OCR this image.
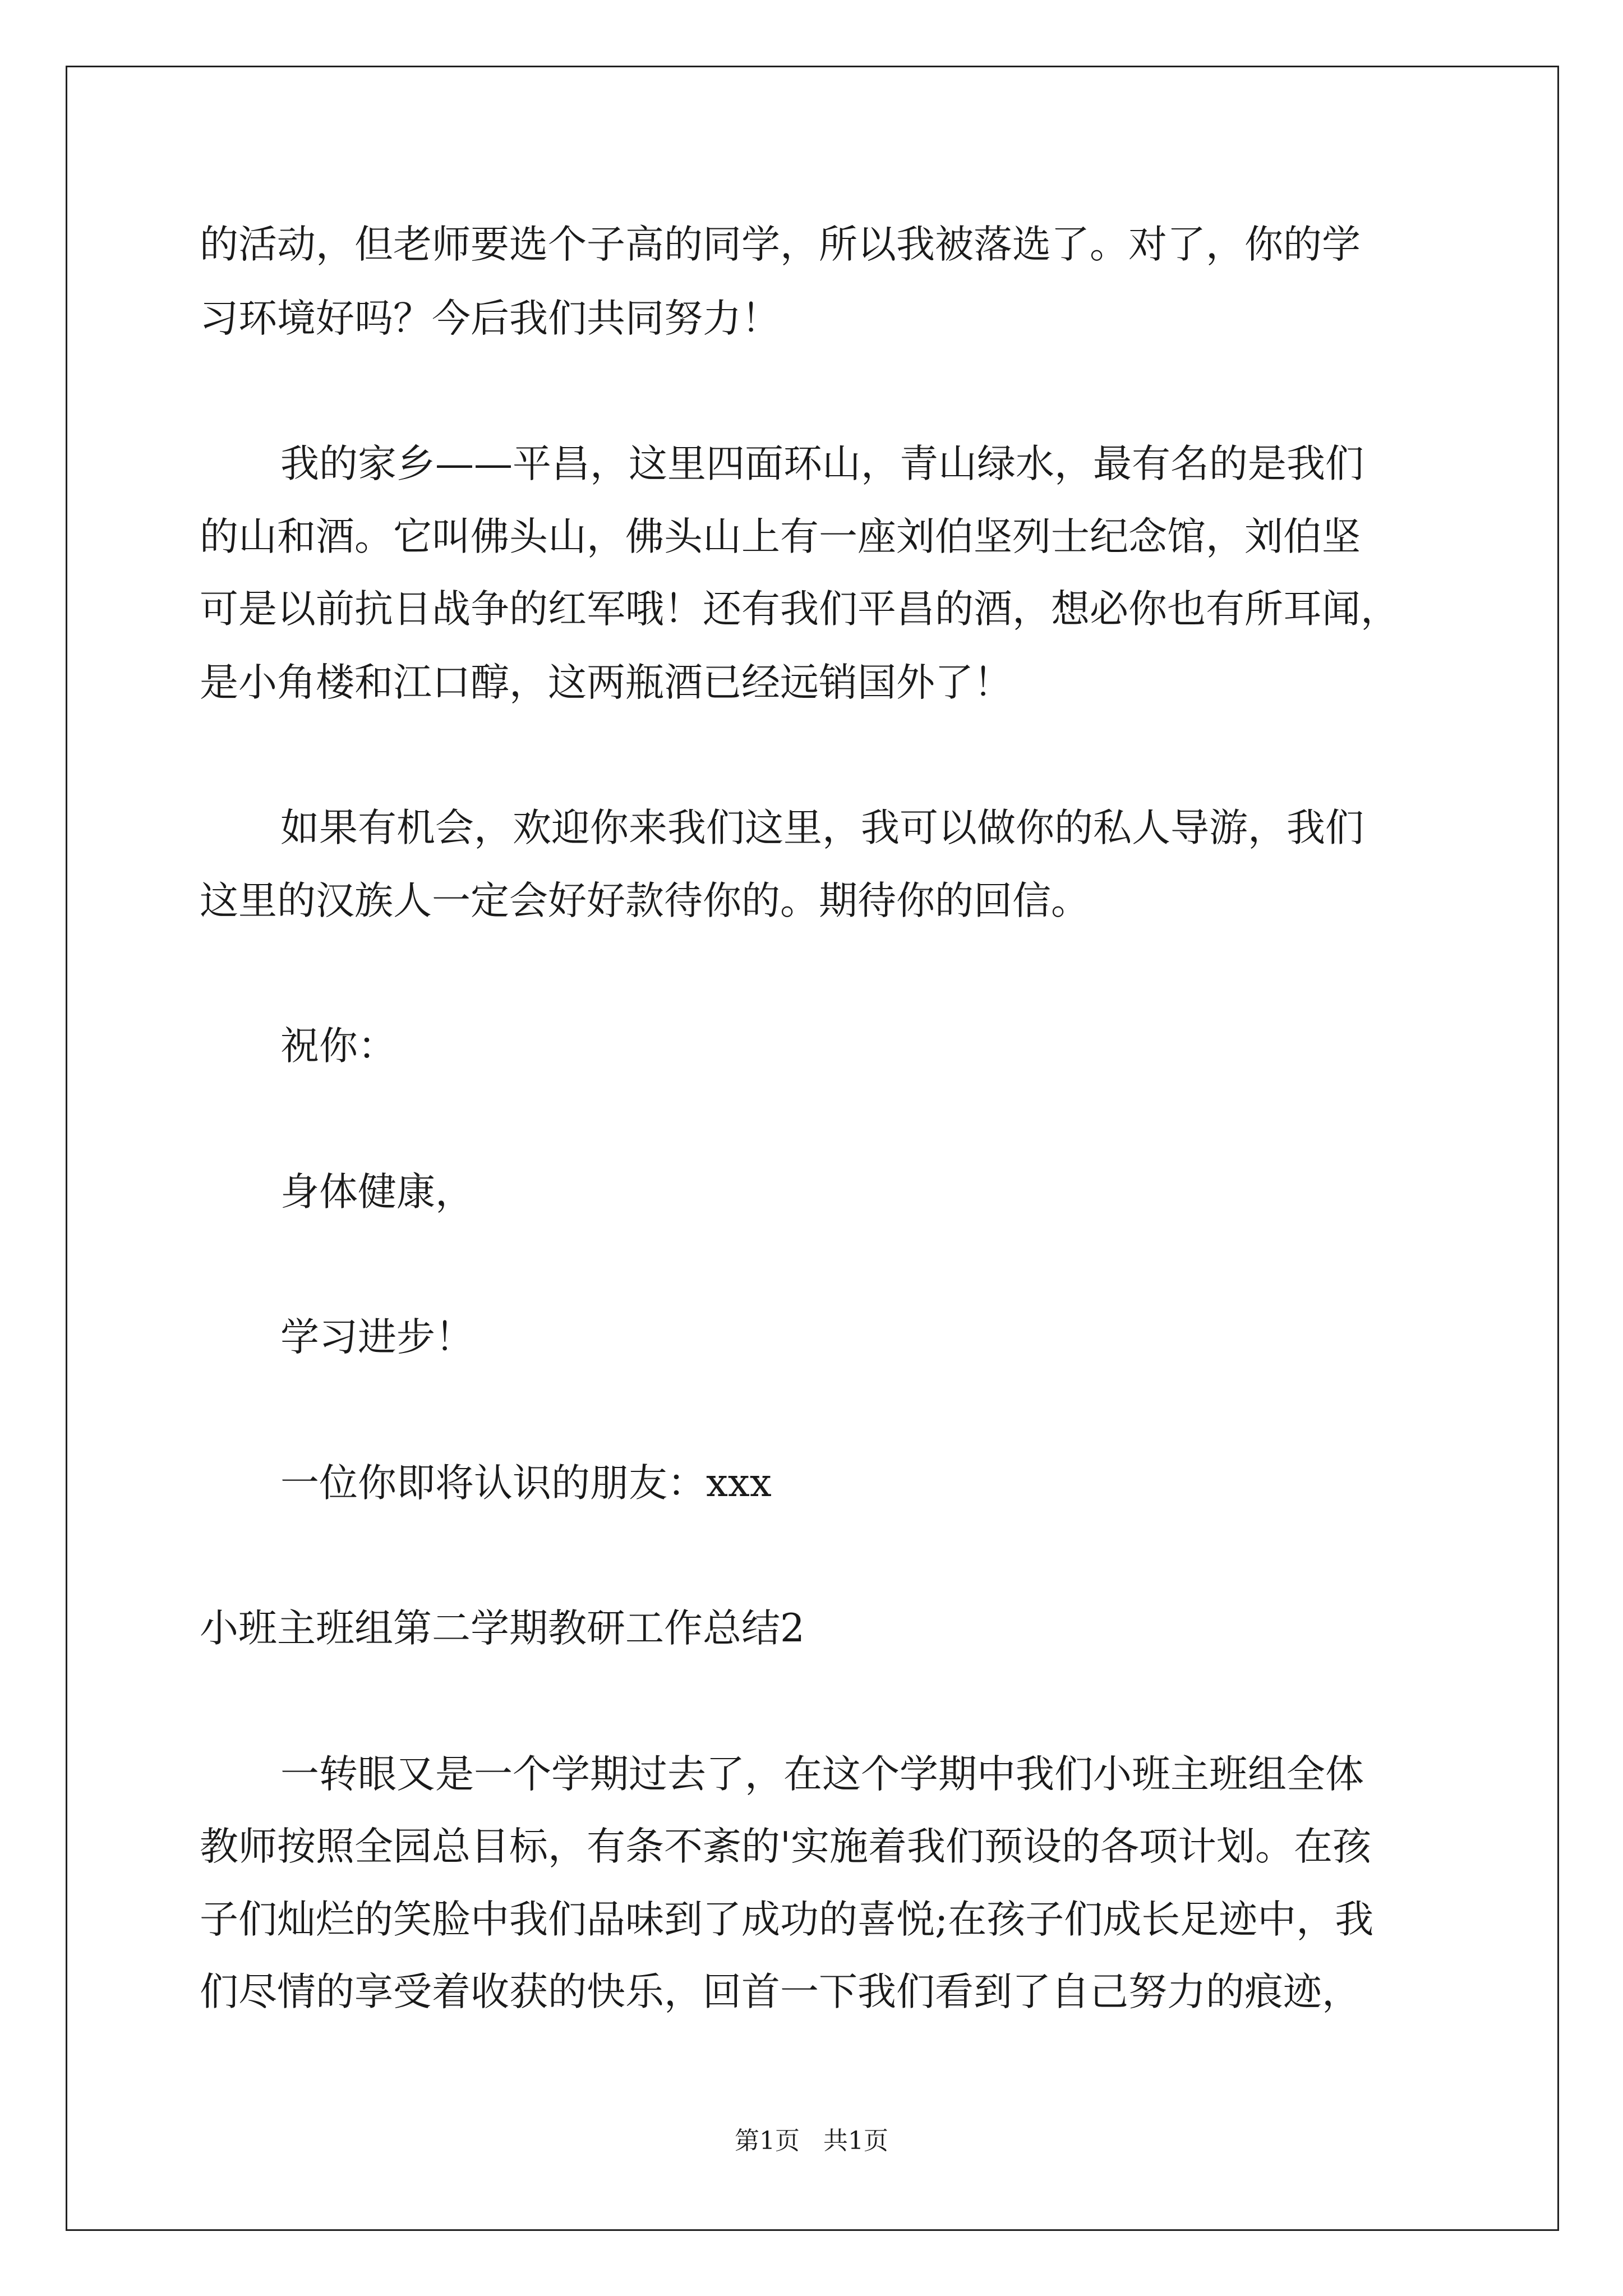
的活动，但老师要选个子高的同学，所以我被落选了。对了，你的学
习环境好吗？今后我们共同努力！
我的家乡——平昌，这里四面环山，青山绿水，最有名的是我们
的山和酒。它叫佛头山，佛头山上有一座刘伯坚列士纪念馆，刘伯坚
可是以前抗日战争的红军哦！还有我们平昌的酒，想必你也有所耳闻，
是小角楼和江口醇，这两瓶酒已经远销国外了！
如果有机会，欢迎你来我们这里，我可以做你的私人导游，我们
这里的汉族人一定会好好款待你的。期待你的回信。
祝你：
身体健康，
学习进步！
一位你即将认识的朋友：xxx
小班主班组第二学期教研工作总结2
一转眼又是一个学期过去了，在这个学期中我们小班主班组全体
教师按照全园总目标，有条不紊的'实施着我们预设的各项计划。在孩
子们灿烂的笑脸中我们品味到了成功的喜悦;在孩子们成长足迹中，我
们尽情的享受着收获的快乐，回首一下我们看到了自己努力的痕迹，
第1页   共1页
